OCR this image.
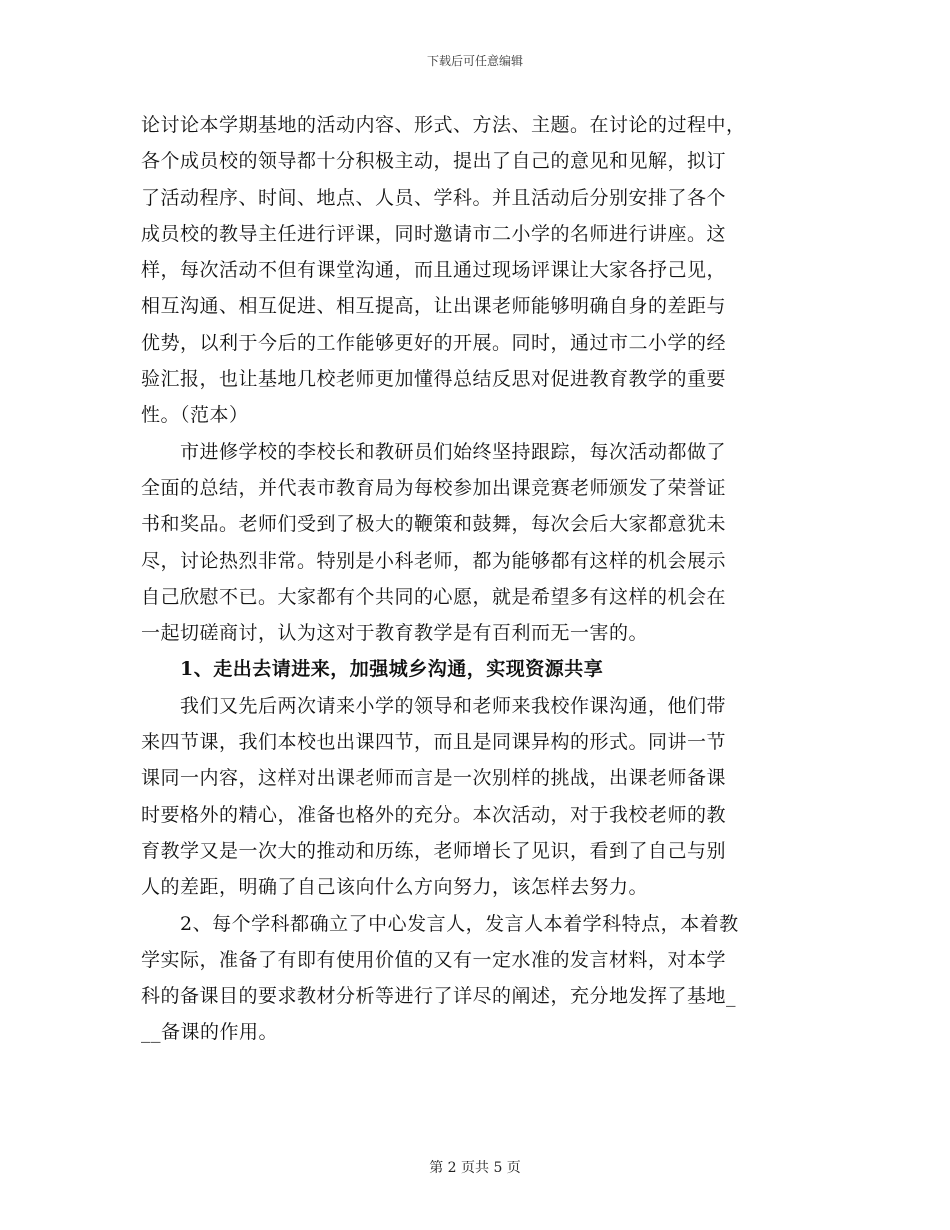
下载后可任意编辑
论讨论本学期基地的活动内容、形式、方法、主题。在讨论的过程中，
各个成员校的领导都十分积极主动，提出了自己的意见和见解，拟订
了活动程序、时间、地点、人员、学科。并且活动后分别安排了各个
成员校的教导主任进行评课，同时邀请市二小学的名师进行讲座。这
样，每次活动不但有课堂沟通，而且通过现场评课让大家各抒己见，
相互沟通、相互促进、相互提高，让出课老师能够明确自身的差距与
优势，以利于今后的工作能够更好的开展。同时，通过市二小学的经
验汇报，也让基地几校老师更加懂得总结反思对促进教育教学的重要
性。（范本）
　　市进修学校的李校长和教研员们始终坚持跟踪，每次活动都做了
全面的总结，并代表市教育局为每校参加出课竞赛老师颁发了荣誉证
书和奖品。老师们受到了极大的鞭策和鼓舞，每次会后大家都意犹未
尽，讨论热烈非常。特别是小科老师，都为能够都有这样的机会展示
自己欣慰不已。大家都有个共同的心愿，就是希望多有这样的机会在
一起切磋商讨，认为这对于教育教学是有百利而无一害的。
　　1、走出去请进来，加强城乡沟通，实现资源共享
　　我们又先后两次请来小学的领导和老师来我校作课沟通，他们带
来四节课，我们本校也出课四节，而且是同课异构的形式。同讲一节
课同一内容，这样对出课老师而言是一次别样的挑战，出课老师备课
时要格外的精心，准备也格外的充分。本次活动，对于我校老师的教
育教学又是一次大的推动和历练，老师增长了见识，看到了自己与别
人的差距，明确了自己该向什么方向努力，该怎样去努力。
　　2、每个学科都确立了中心发言人，发言人本着学科特点，本着教
学实际，准备了有即有使用价值的又有一定水准的发言材料，对本学
科的备课目的要求教材分析等进行了详尽的阐述，充分地发挥了基地_
__备课的作用。
第 2 页共 5 页
